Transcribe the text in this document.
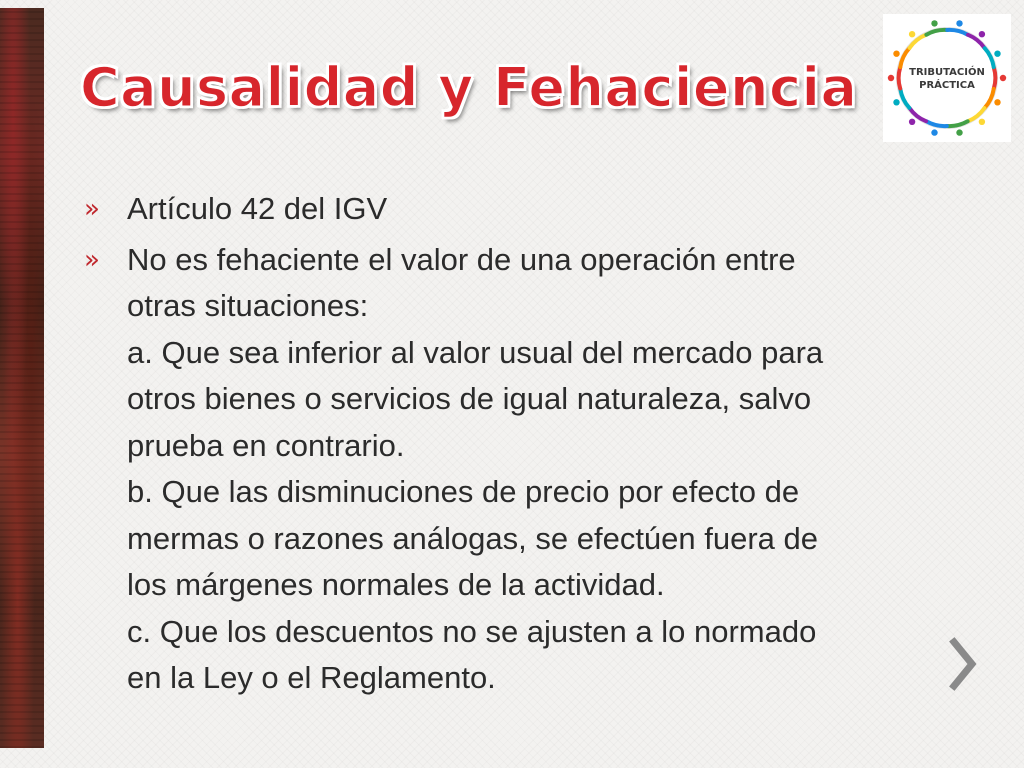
Causalidad y Fehaciencia	TRIBUTACIÓN
PRÁCTICA
» Artículo 42 del IGV

» No es fehaciente el valor de una operación entre
otras situaciones:
a. Que sea inferior al valor usual del mercado para
otros bienes o servicios de igual naturaleza, salvo
prueba en contrario.
b. Que las disminuciones de precio por efecto de
mermas o razones análogas, se efectúen fuera de
los márgenes normales de la actividad.
c. Que los descuentos no se ajusten a lo normado
en la Ley o el Reglamento.
